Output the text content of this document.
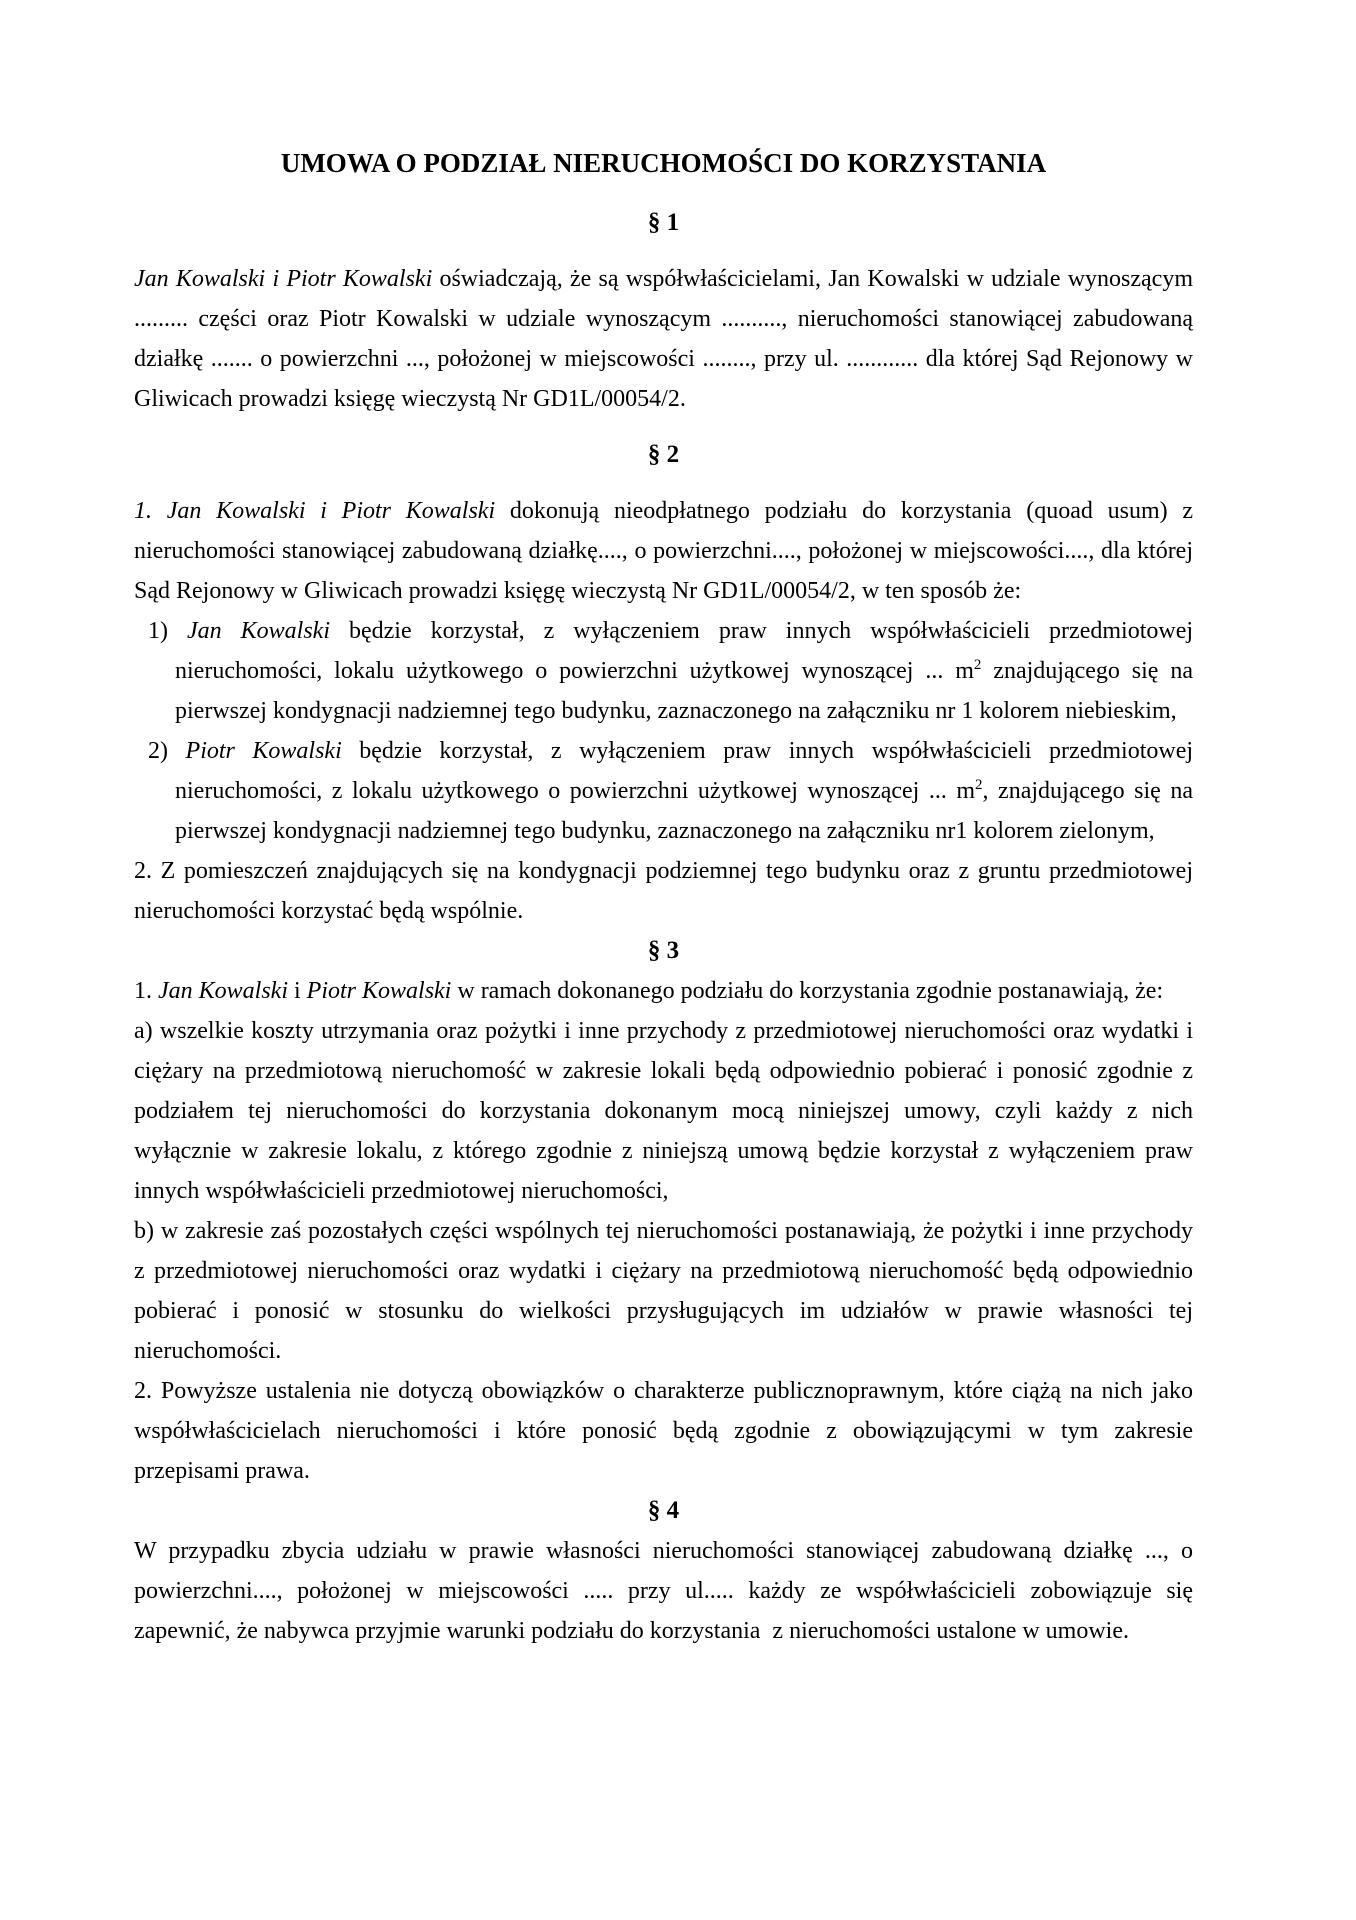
UMOWA O PODZIAŁ NIERUCHOMOŚCI DO KORZYSTANIA
§ 1

Jan Kowalski i Piotr Kowalski oświadczają, że są współwłaścicielami, Jan Kowalski w udziale wynoszącym ......... części oraz Piotr Kowalski w udziale wynoszącym .........., nieruchomości stanowiącej zabudowaną działkę ....... o powierzchni ..., położonej w miejscowości ........, przy ul. ............ dla której Sąd Rejonowy w Gliwicach prowadzi księgę wieczystą Nr GD1L/00054/2.

§ 2

1. Jan Kowalski i Piotr Kowalski dokonują nieodpłatnego podziału do korzystania (quoad usum) z nieruchomości stanowiącej zabudowaną działkę...., o powierzchni...., położonej w miejscowości...., dla której Sąd Rejonowy w Gliwicach prowadzi księgę wieczystą Nr GD1L/00054/2, w ten sposób że:

1) Jan Kowalski będzie korzystał, z wyłączeniem praw innych współwłaścicieli przedmiotowej nieruchomości, lokalu użytkowego o powierzchni użytkowej wynoszącej ... $m^2$ znajdującego się na pierwszej kondygnacji nadziemnej tego budynku, zaznaczonego na załączniku nr 1 kolorem niebieskim,

2) Piotr Kowalski będzie korzystał, z wyłączeniem praw innych współwłaścicieli przedmiotowej nieruchomości, z lokalu użytkowego o powierzchni użytkowej wynoszącej ... $m^2$, znajdującego się na pierwszej kondygnacji nadziemnej tego budynku, zaznaczonego na załączniku nr1 kolorem zielonym,

2. Z pomieszczeń znajdujących się na kondygnacji podziemnej tego budynku oraz z gruntu przedmiotowej nieruchomości korzystać będą wspólnie.

§ 3

1. Jan Kowalski i Piotr Kowalski w ramach dokonanego podziału do korzystania zgodnie postanawiają, że:

a) wszelkie koszty utrzymania oraz pożytki i inne przychody z przedmiotowej nieruchomości oraz wydatki i ciężary na przedmiotową nieruchomość w zakresie lokali będą odpowiednio pobierać i ponosić zgodnie z podziałem tej nieruchomości do korzystania dokonanym mocą niniejszej umowy, czyli każdy z nich wyłącznie w zakresie lokalu, z którego zgodnie z niniejszą umową będzie korzystał z wyłączeniem praw innych współwłaścicieli przedmiotowej nieruchomości,

b) w zakresie zaś pozostałych części wspólnych tej nieruchomości postanawiają, że pożytki i inne przychody z przedmiotowej nieruchomości oraz wydatki i ciężary na przedmiotową nieruchomość będą odpowiednio pobierać i ponosić w stosunku do wielkości przysługujących im udziałów w prawie własności tej nieruchomości.

2. Powyższe ustalenia nie dotyczą obowiązków o charakterze publicznoprawnym, które ciążą na nich jako współwłaścicielach nieruchomości i które ponosić będą zgodnie z obowiązującymi w tym zakresie przepisami prawa.

§ 4

W przypadku zbycia udziału w prawie własności nieruchomości stanowiącej zabudowaną działkę ..., o powierzchni...., położonej w miejscowości ..... przy ul..... każdy ze współwłaścicieli zobowiązuje się zapewnić, że nabywca przyjmie warunki podziału do korzystania  z nieruchomości ustalone w umowie.
